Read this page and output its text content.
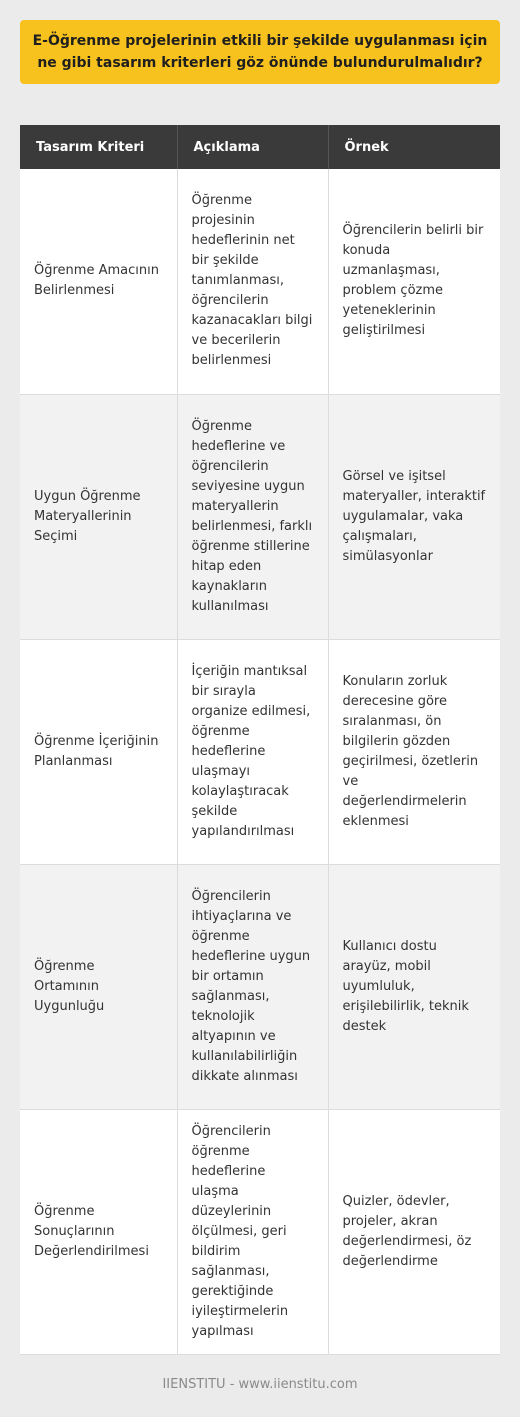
E-Öğrenme projelerinin etkili bir şekilde uygulanması için ne gibi tasarım kriterleri göz önünde bulundurulmalıdır?
Tasarım Kriteri	Açıklama	Örnek
Öğrenme Amacının Belirlenmesi	Öğrenme projesinin hedeflerinin net bir şekilde tanımlanması, öğrencilerin kazanacakları bilgi ve becerilerin belirlenmesi	Öğrencilerin belirli bir konuda uzmanlaşması, problem çözme yeteneklerinin geliştirilmesi
Uygun Öğrenme Materyallerinin Seçimi	Öğrenme hedeflerine ve öğrencilerin seviyesine uygun materyallerin belirlenmesi, farklı öğrenme stillerine hitap eden kaynakların kullanılması	Görsel ve işitsel materyaller, interaktif uygulamalar, vaka çalışmaları, simülasyonlar
Öğrenme İçeriğinin Planlanması	İçeriğin mantıksal bir sırayla organize edilmesi, öğrenme hedeflerine ulaşmayı kolaylaştıracak şekilde yapılandırılması	Konuların zorluk derecesine göre sıralanması, ön bilgilerin gözden geçirilmesi, özetlerin ve değerlendirmelerin eklenmesi
Öğrenme Ortamının Uygunluğu	Öğrencilerin ihtiyaçlarına ve öğrenme hedeflerine uygun bir ortamın sağlanması, teknolojik altyapının ve kullanılabilirliğin dikkate alınması	Kullanıcı dostu arayüz, mobil uyumluluk, erişilebilirlik, teknik destek
Öğrenme Sonuçlarının Değerlendirilmesi	Öğrencilerin öğrenme hedeflerine ulaşma düzeylerinin ölçülmesi, geri bildirim sağlanması, gerektiğinde iyileştirmelerin yapılması	Quizler, ödevler, projeler, akran değerlendirmesi, öz değerlendirme
IIENSTITU - www.iienstitu.com
